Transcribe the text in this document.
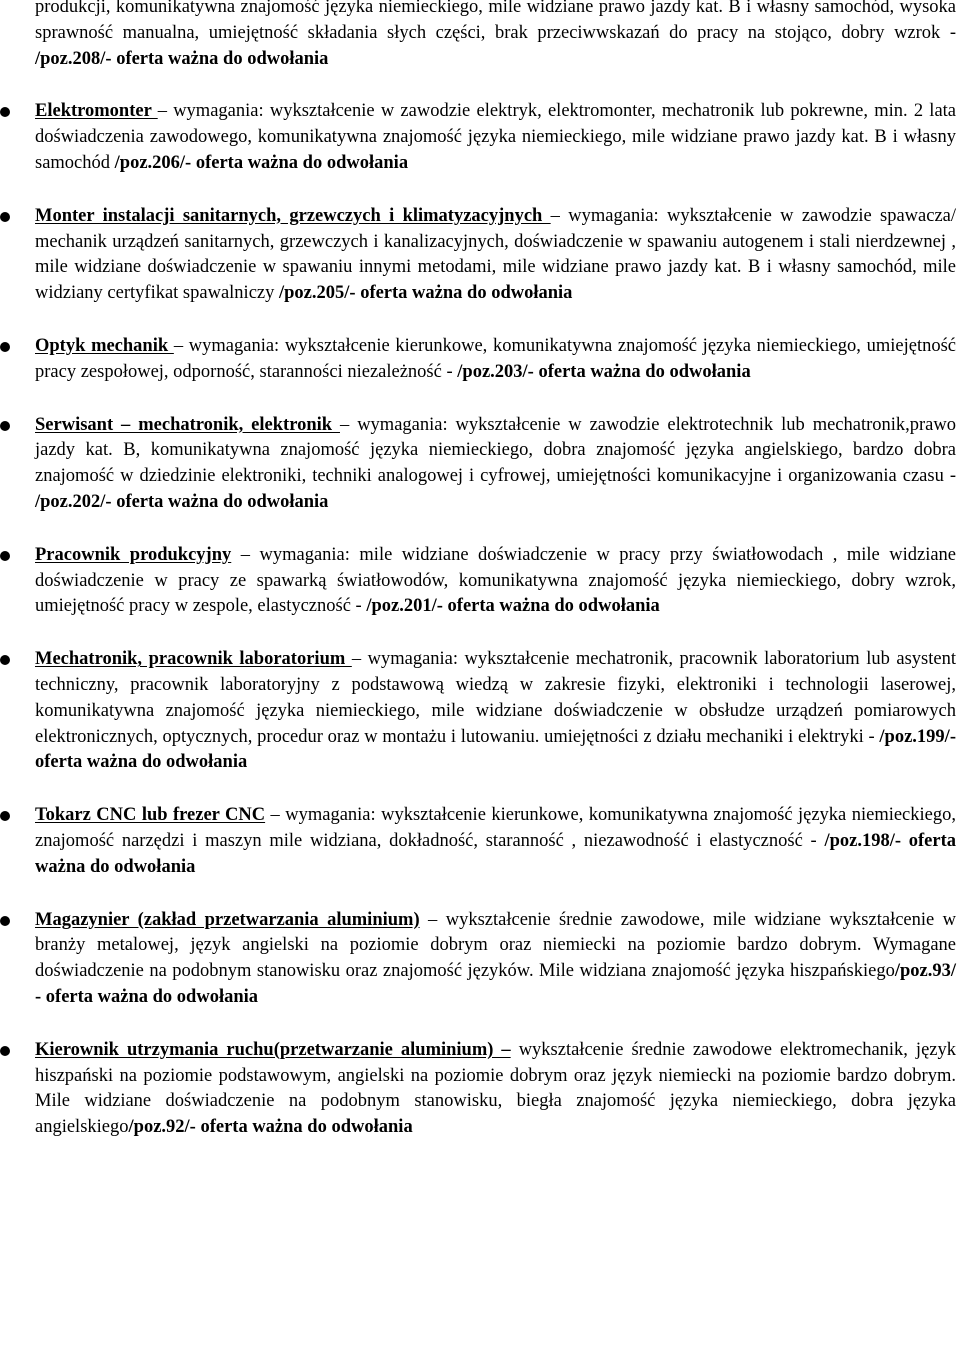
produkcji, komunikatywna znajomość języka niemieckiego, mile widziane prawo jazdy kat. B i własny samochód, wysoka sprawność manualna, umiejętność składania słych części, brak przeciwwskazań do pracy na stojąco, dobry wzrok - /poz.208/- oferta ważna do odwołania

Elektromonter – wymagania: wykształcenie w zawodzie elektryk, elektromonter, mechatronik lub pokrewne, min. 2 lata doświadczenia zawodowego, komunikatywna znajomość języka niemieckiego, mile widziane prawo jazdy kat. B i własny samochód /poz.206/- oferta ważna do odwołania

Monter instalacji sanitarnych, grzewczych i klimatyzacyjnych – wymagania: wykształcenie w zawodzie spawacza/ mechanik urządzeń sanitarnych, grzewczych i kanalizacyjnych, doświadczenie w spawaniu autogenem i stali nierdzewnej , mile widziane doświadczenie w spawaniu innymi metodami, mile widziane prawo jazdy kat. B i własny samochód, mile widziany certyfikat spawalniczy /poz.205/- oferta ważna do odwołania

Optyk mechanik – wymagania: wykształcenie kierunkowe, komunikatywna znajomość języka niemieckiego, umiejętność pracy zespołowej, odporność, staranności niezależność - /poz.203/- oferta ważna do odwołania

Serwisant – mechatronik, elektronik – wymagania: wykształcenie w zawodzie elektrotechnik lub mechatronik,prawo jazdy kat. B, komunikatywna znajomość języka niemieckiego, dobra znajomość języka angielskiego, bardzo dobra znajomość w dziedzinie elektroniki, techniki analogowej i cyfrowej, umiejętności komunikacyjne i organizowania czasu - /poz.202/- oferta ważna do odwołania

Pracownik produkcyjny – wymagania: mile widziane doświadczenie w pracy przy światłowodach , mile widziane doświadczenie w pracy ze spawarką światłowodów, komunikatywna znajomość języka niemieckiego, dobry wzrok, umiejętność pracy w zespole, elastyczność - /poz.201/- oferta ważna do odwołania

Mechatronik, pracownik laboratorium – wymagania: wykształcenie mechatronik, pracownik laboratorium lub asystent techniczny, pracownik laboratoryjny z podstawową wiedzą w zakresie fizyki, elektroniki i technologii laserowej, komunikatywna znajomość języka niemieckiego, mile widziane doświadczenie w obsłudze urządzeń pomiarowych elektronicznych, optycznych, procedur oraz w montażu i lutowaniu. umiejętności z działu mechaniki i elektryki - /poz.199/- oferta ważna do odwołania

Tokarz CNC lub frezer CNC – wymagania: wykształcenie kierunkowe, komunikatywna znajomość języka niemieckiego, znajomość narzędzi i maszyn mile widziana, dokładność, staranność , niezawodność i elastyczność - /poz.198/- oferta ważna do odwołania

Magazynier (zakład przetwarzania aluminium) – wykształcenie średnie zawodowe, mile widziane wykształcenie w branży metalowej, język angielski na poziomie dobrym oraz niemiecki na poziomie bardzo dobrym. Wymagane doświadczenie na podobnym stanowisku oraz znajomość języków. Mile widziana znajomość języka hiszpańskiego/poz.93/ - oferta ważna do odwołania

Kierownik utrzymania ruchu(przetwarzanie aluminium) – wykształcenie średnie zawodowe elektromechanik, język hiszpański na poziomie podstawowym, angielski na poziomie dobrym oraz język niemiecki na poziomie bardzo dobrym. Mile widziane doświadczenie na podobnym stanowisku, biegła znajomość języka niemieckiego, dobra języka angielskiego/poz.92/- oferta ważna do odwołania
